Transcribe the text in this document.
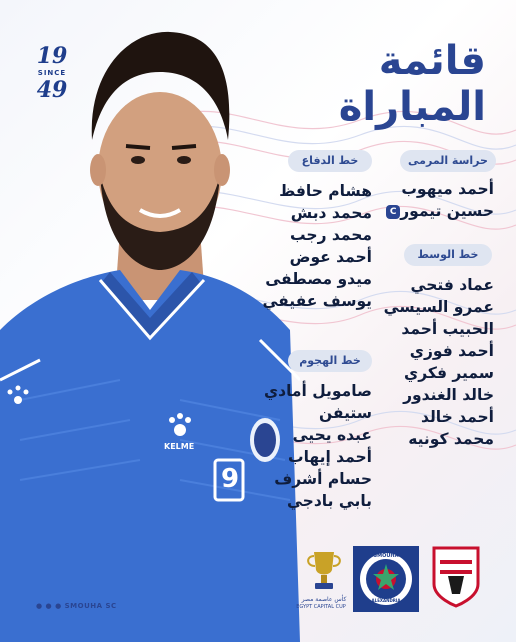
KELME
9
19
SINCE
49
قائمة
المباراة
حراسة المرمى
أحمد ميهوب
حسين تيمورC
خط الدفاع
هشام حافظ
محمد دبش
محمد رجب
أحمد عوض
ميدو مصطفى
يوسف عفيفي
خط الوسط
عماد فتحي
عمرو السيسي
الحبيب أحمد
أحمد فوزي
سمير فكري
خالد الغندور
أحمد خالد
محمد كونيه
خط الهجوم
صامويل أمادي
ستيفن
عبده يحيى
أحمد إيهاب
حسام أشرف
بابي بادجي
كأس عاصمة مصر
EGYPT CAPITAL CUP
SMOUHA
ALEXANDRIA
● ● ● SMOUHA SC
